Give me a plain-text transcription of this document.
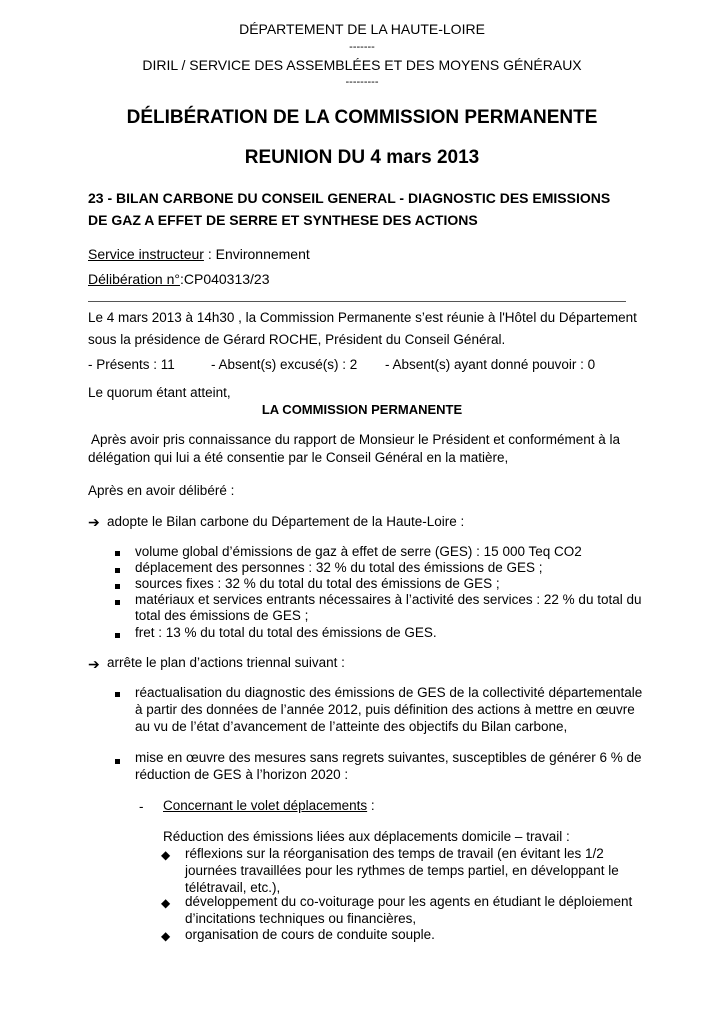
DÉPARTEMENT DE LA HAUTE-LOIRE
-------
DIRIL / SERVICE DES ASSEMBLÉES ET DES MOYENS GÉNÉRAUX
---------
DÉLIBÉRATION DE LA COMMISSION PERMANENTE
REUNION DU 4 mars 2013
23 - BILAN CARBONE DU CONSEIL GENERAL - DIAGNOSTIC DES EMISSIONS
DE GAZ A EFFET DE SERRE ET SYNTHESE DES ACTIONS
Service instructeur : Environnement
Délibération n°:CP040313/23
Le 4 mars 2013 à 14h30 , la Commission Permanente s’est réunie à l'Hôtel du Département
sous la présidence de Gérard ROCHE, Président du Conseil Général.
- Présents : 11	- Absent(s) excusé(s) : 2 - Absent(s) ayant donné pouvoir : 0
Le quorum étant atteint,
LA COMMISSION PERMANENTE
Après avoir pris connaissance du rapport de Monsieur le Président et conformément à la
délégation qui lui a été consentie par le Conseil Général en la matière,
Après en avoir délibéré :
➔ adopte le Bilan carbone du Département de la Haute-Loire :
volume global d’émissions de gaz à effet de serre (GES) : 15 000 Teq CO2
déplacement des personnes : 32 % du total des émissions de GES ;
sources fixes : 32 % du total du total des émissions de GES ;
matériaux et services entrants nécessaires à l’activité des services : 22 % du total du
total des émissions de GES ;
fret : 13 % du total du total des émissions de GES.
➔ arrête le plan d’actions triennal suivant :
réactualisation du diagnostic des émissions de GES de la collectivité départementale
à partir des données de l’année 2012, puis définition des actions à mettre en œuvre
au vu de l’état d’avancement de l’atteinte des objectifs du Bilan carbone,
mise en œuvre des mesures sans regrets suivantes, susceptibles de générer 6 % de
réduction de GES à l’horizon 2020 :
- Concernant le volet déplacements :
Réduction des émissions liées aux déplacements domicile – travail :
◆ réflexions sur la réorganisation des temps de travail (en évitant les 1/2
journées travaillées pour les rythmes de temps partiel, en développant le
télétravail, etc.),
◆ développement du co-voiturage pour les agents en étudiant le déploiement
d’incitations techniques ou financières,
◆ organisation de cours de conduite souple.
